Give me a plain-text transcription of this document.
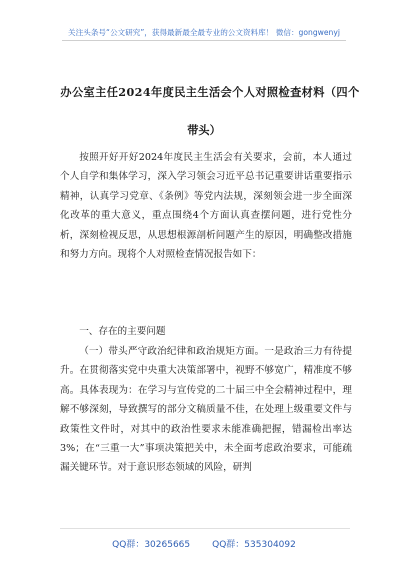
关注头条号“公文研究”，获得最新最全最专业的公文资料库！ 微信：gongwenyj
办公室主任2024年度民主生活会个人对照检查材料（四个
带头）

按照开好开好2024年度民主生活会有关要求，会前，本人通过个人自学和集体学习，深入学习领会习近平总书记重要讲话重要指示精神，认真学习党章、《条例》等党内法规，深刻领会进一步全面深化改革的重大意义，重点围绕4个方面认真查摆问题，进行党性分析，深刻检视反思，从思想根源剖析问题产生的原因，明确整改措施和努力方向。现将个人对照检查情况报告如下：

一、存在的主要问题

（一）带头严守政治纪律和政治规矩方面。一是政治三力有待提升。在贯彻落实党中央重大决策部署中，视野不够宽广，精准度不够高。具体表现为：在学习与宣传党的二十届三中全会精神过程中，理解不够深刻，导致撰写的部分文稿质量不佳，在处理上级重要文件与政策性文件时，对其中的政治性要求未能准确把握，错漏检出率达3%；在“三重一大”事项决策把关中，未全面考虑政治要求，可能疏漏关键环节。对于意识形态领域的风险，研判

QQ群：30265665 QQ群：535304092
